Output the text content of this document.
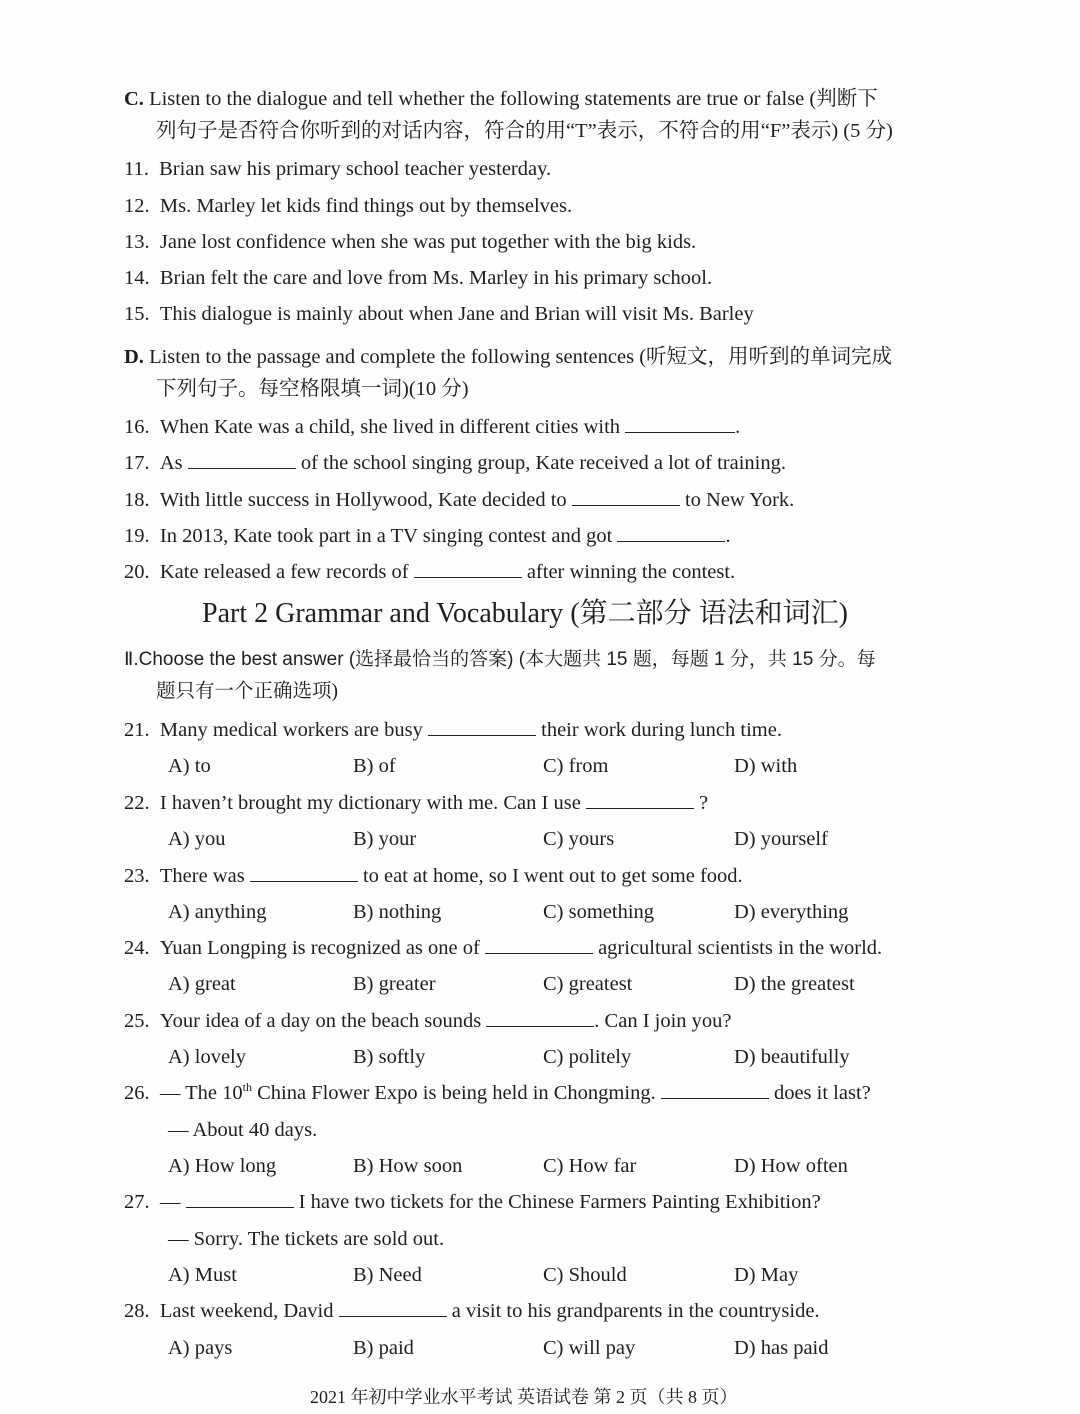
C. Listen to the dialogue and tell whether the following statements are true or false (判断下
列句子是否符合你听到的对话内容，符合的用“T”表示，不符合的用“F”表示) (5 分)
11. Brian saw his primary school teacher yesterday.
12. Ms. Marley let kids find things out by themselves.
13. Jane lost confidence when she was put together with the big kids.
14. Brian felt the care and love from Ms. Marley in his primary school.
15. This dialogue is mainly about when Jane and Brian will visit Ms. Barley
D. Listen to the passage and complete the following sentences (听短文，用听到的单词完成
下列句子。每空格限填一词)(10 分)
16. When Kate was a child, she lived in different cities with	.
17. As	of the school singing group, Kate received a lot of training.
18. With little success in Hollywood, Kate decided to	to New York.
19. In 2013, Kate took part in a TV singing contest and got	.
20. Kate released a few records of	after winning the contest.
Part 2 Grammar and Vocabulary (第二部分 语法和词汇)
Ⅱ.Choose the best answer (选择最恰当的答案) (本大题共 15 题，每题 1 分，共 15 分。每
题只有一个正确选项)
21. Many medical workers are busy	their work during lunch time.
A) to	B) of	C) from	D) with
22. I haven’t brought my dictionary with me. Can I use	?
A) you	B) your	C) yours	D) yourself
23. There was	to eat at home, so I went out to get some food.
A) anything	B) nothing	C) something	D) everything
24. Yuan Longping is recognized as one of	agricultural scientists in the world.
A) great	B) greater	C) greatest	D) the greatest
25. Your idea of a day on the beach sounds	. Can I join you?
A) lovely	B) softly	C) politely	D) beautifully
26. — The 10th China Flower Expo is being held in Chongming.	does it last?
— About 40 days.
A) How long	B) How soon	C) How far	D) How often
27. —	I have two tickets for the Chinese Farmers Painting Exhibition?
— Sorry. The tickets are sold out.
A) Must	B) Need	C) Should	D) May
28. Last weekend, David	a visit to his grandparents in the countryside.
A) pays	B) paid	C) will pay	D) has paid
2021 年初中学业水平考试 英语试卷 第 2 页（共 8 页）
